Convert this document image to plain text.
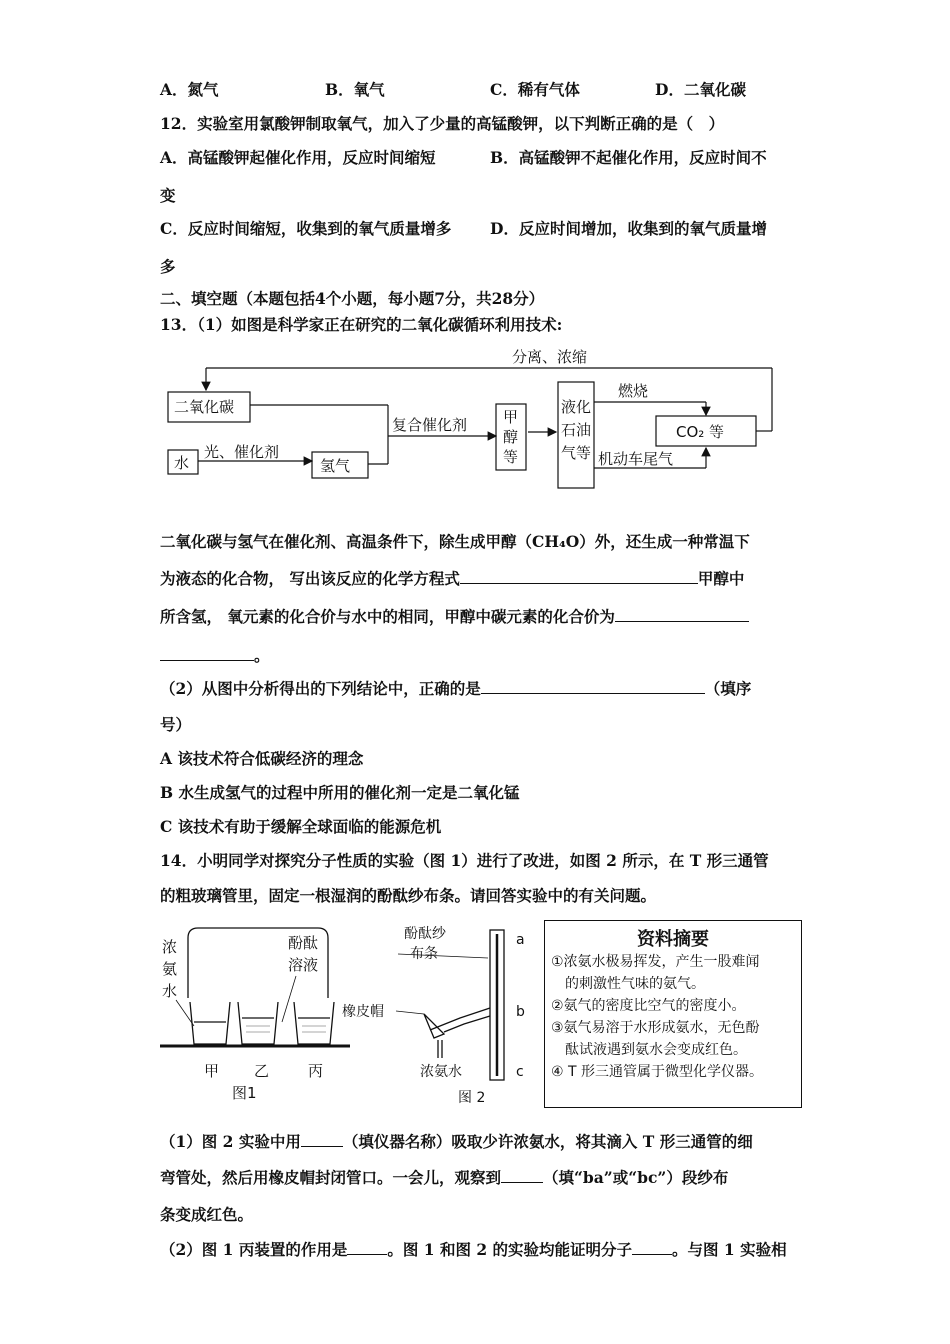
A．氮气	B．氧气	C．稀有气体	D．二氧化碳
12．实验室用氯酸钾制取氧气，加入了少量的高锰酸钾，以下判断正确的是（　）
A．高锰酸钾起催化作用，反应时间缩短	B．高锰酸钾不起催化作用，反应时间不
变
C．反应时间缩短，收集到的氧气质量增多 D．反应时间增加，收集到的氧气质量增
多
二、填空题（本题包括4个小题，每小题7分，共28分）
13．（1）如图是科学家正在研究的二氧化碳循环利用技术:
二氧化碳
水
光、催化剂
氢气
复合催化剂 甲
醇
等
液化
石油
气等
分离、浓缩
燃烧
CO₂ 等
机动车尾气
二氧化碳与氢气在催化剂、高温条件下，除生成甲醇（CH₄O）外，还生成一种常温下
为液态的化合物， 写出该反应的化学方程式	甲醇中
所含氢， 氧元素的化合价与水中的相同，甲醇中碳元素的化合价为
。
（2）从图中分析得出的下列结论中，正确的是	（填序
号）
A 该技术符合低碳经济的理念
B 水生成氢气的过程中所用的催化剂一定是二氧化锰
C 该技术有助于缓解全球面临的能源危机
14．小明同学对探究分子性质的实验（图 1）进行了改进，如图 2 所示，在 T 形三通管
的粗玻璃管里，固定一根湿润的酚酞纱布条。请回答实验中的有关问题。
浓
氨
水
酚酞
溶液
甲 乙	丙
图1
酚酞纱
布条
橡皮帽
浓氨水
a
b
c
图 2
资料摘要
①浓氨水极易挥发，产生一股难闻
的刺激性气味的氨气。
②氨气的密度比空气的密度小。
③氨气易溶于水形成氨水，无色酚
酞试液遇到氨水会变成红色。
④ T 形三通管属于微型化学仪器。
（1）图 2 实验中用	（填仪器名称）吸取少许浓氨水，将其滴入 T 形三通管的细
弯管处，然后用橡皮帽封闭管口。一会儿，观察到	（填“ba”或“bc”）段纱布
条变成红色。
（2）图 1 丙装置的作用是	。图 1 和图 2 的实验均能证明分子	。与图 1 实验相
